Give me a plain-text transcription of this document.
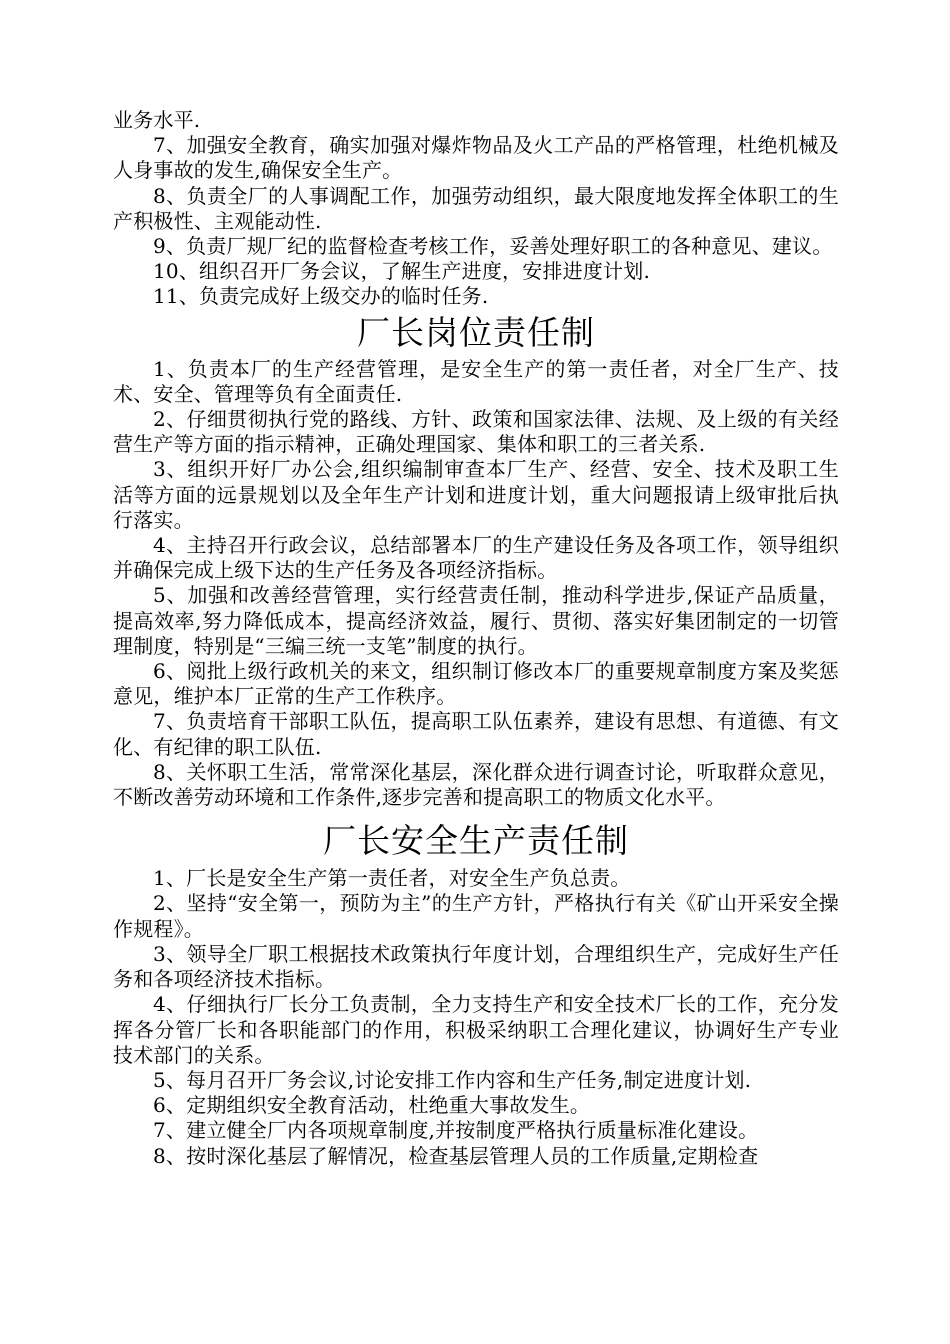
业务水平.

7、加强安全教育，确实加强对爆炸物品及火工产品的严格管理，杜绝机械及人身事故的发生,确保安全生产。

8、负责全厂的人事调配工作，加强劳动组织，最大限度地发挥全体职工的生产积极性、主观能动性.

9、负责厂规厂纪的监督检查考核工作，妥善处理好职工的各种意见、建议。

10、组织召开厂务会议，了解生产进度，安排进度计划.

11、负责完成好上级交办的临时任务.

厂长岗位责任制

1、负责本厂的生产经营管理，是安全生产的第一责任者，对全厂生产、技术、安全、管理等负有全面责任.

2、仔细贯彻执行党的路线、方针、政策和国家法律、法规、及上级的有关经营生产等方面的指示精神，正确处理国家、集体和职工的三者关系.

3、组织开好厂办公会,组织编制审查本厂生产、经营、安全、技术及职工生活等方面的远景规划以及全年生产计划和进度计划，重大问题报请上级审批后执行落实。

4、主持召开行政会议，总结部署本厂的生产建设任务及各项工作，领导组织并确保完成上级下达的生产任务及各项经济指标。

5、加强和改善经营管理，实行经营责任制，推动科学进步,保证产品质量，提高效率,努力降低成本，提高经济效益，履行、贯彻、落实好集团制定的一切管理制度，特别是“三编三统一支笔”制度的执行。

6、阅批上级行政机关的来文，组织制订修改本厂的重要规章制度方案及奖惩意见，维护本厂正常的生产工作秩序。

7、负责培育干部职工队伍，提高职工队伍素养，建设有思想、有道德、有文化、有纪律的职工队伍.

8、关怀职工生活，常常深化基层，深化群众进行调查讨论，听取群众意见，不断改善劳动环境和工作条件,逐步完善和提高职工的物质文化水平。

厂长安全生产责任制

1、厂长是安全生产第一责任者，对安全生产负总责。

2、坚持“安全第一，预防为主”的生产方针，严格执行有关《矿山开采安全操作规程》。

3、领导全厂职工根据技术政策执行年度计划，合理组织生产，完成好生产任务和各项经济技术指标。

4、仔细执行厂长分工负责制，全力支持生产和安全技术厂长的工作，充分发挥各分管厂长和各职能部门的作用，积极采纳职工合理化建议，协调好生产专业技术部门的关系。

5、每月召开厂务会议,讨论安排工作内容和生产任务,制定进度计划.

6、定期组织安全教育活动，杜绝重大事故发生。

7、建立健全厂内各项规章制度,并按制度严格执行质量标准化建设。

8、按时深化基层了解情况，检查基层管理人员的工作质量,定期检查
